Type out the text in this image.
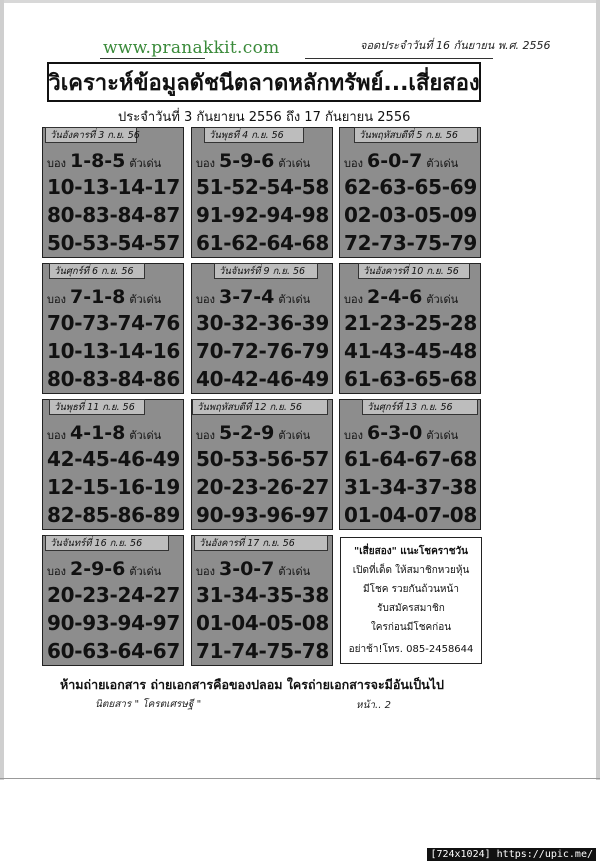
www.pranakkit.com	จอดประจำวันที่ 16 กันยายน พ.ศ. 2556
วิเคราะห์ข้อมูลดัชนีตลาดหลักทรัพย์...เสี่ยสอง
ประจำวันที่ 3 กันยายน 2556 ถึง 17 กันยายน 2556
วันอังคารที่ 3 ก.ย. 56
บอง 1-8-5 ตัวเด่น
10-13-14-17
80-83-84-87
50-53-54-57
วันพุธที่ 4 ก.ย. 56
บอง 5-9-6 ตัวเด่น
51-52-54-58
91-92-94-98
61-62-64-68
วันพฤหัสบดีที่ 5 ก.ย. 56
บอง 6-0-7 ตัวเด่น
62-63-65-69
02-03-05-09
72-73-75-79
วันศุกร์ที่ 6 ก.ย. 56
บอง 7-1-8 ตัวเด่น
70-73-74-76
10-13-14-16
80-83-84-86
วันจันทร์ที่ 9 ก.ย. 56
บอง 3-7-4 ตัวเด่น
30-32-36-39
70-72-76-79
40-42-46-49
วันอังคารที่ 10 ก.ย. 56
บอง 2-4-6 ตัวเด่น
21-23-25-28
41-43-45-48
61-63-65-68
วันพุธที่ 11 ก.ย. 56
บอง 4-1-8 ตัวเด่น
42-45-46-49
12-15-16-19
82-85-86-89
วันพฤหัสบดีที่ 12 ก.ย. 56
บอง 5-2-9 ตัวเด่น
50-53-56-57
20-23-26-27
90-93-96-97
วันศุกร์ที่ 13 ก.ย. 56
บอง 6-3-0 ตัวเด่น
61-64-67-68
31-34-37-38
01-04-07-08
วันจันทร์ที่ 16 ก.ย. 56
บอง 2-9-6 ตัวเด่น
20-23-24-27
90-93-94-97
60-63-64-67
วันอังคารที่ 17 ก.ย. 56
บอง 3-0-7 ตัวเด่น
31-34-35-38
01-04-05-08
71-74-75-78
"เสี่ยสอง" แนะโชคราชวัน
เปิดที่เด็ด ให้สมาชิกหวยหุ้น
มีโชค รวยกันถ้วนหน้า
รับสมัครสมาชิก
ใครก่อนมีโชคก่อน
อย่าช้า!โทร. 085-2458644
ห้ามถ่ายเอกสาร ถ่ายเอกสารคือของปลอม ใครถ่ายเอกสารจะมีอันเป็นไป
นิตยสาร " โครตเศรษฐี "	หน้า.. 2
[724x1024] https://upic.me/
